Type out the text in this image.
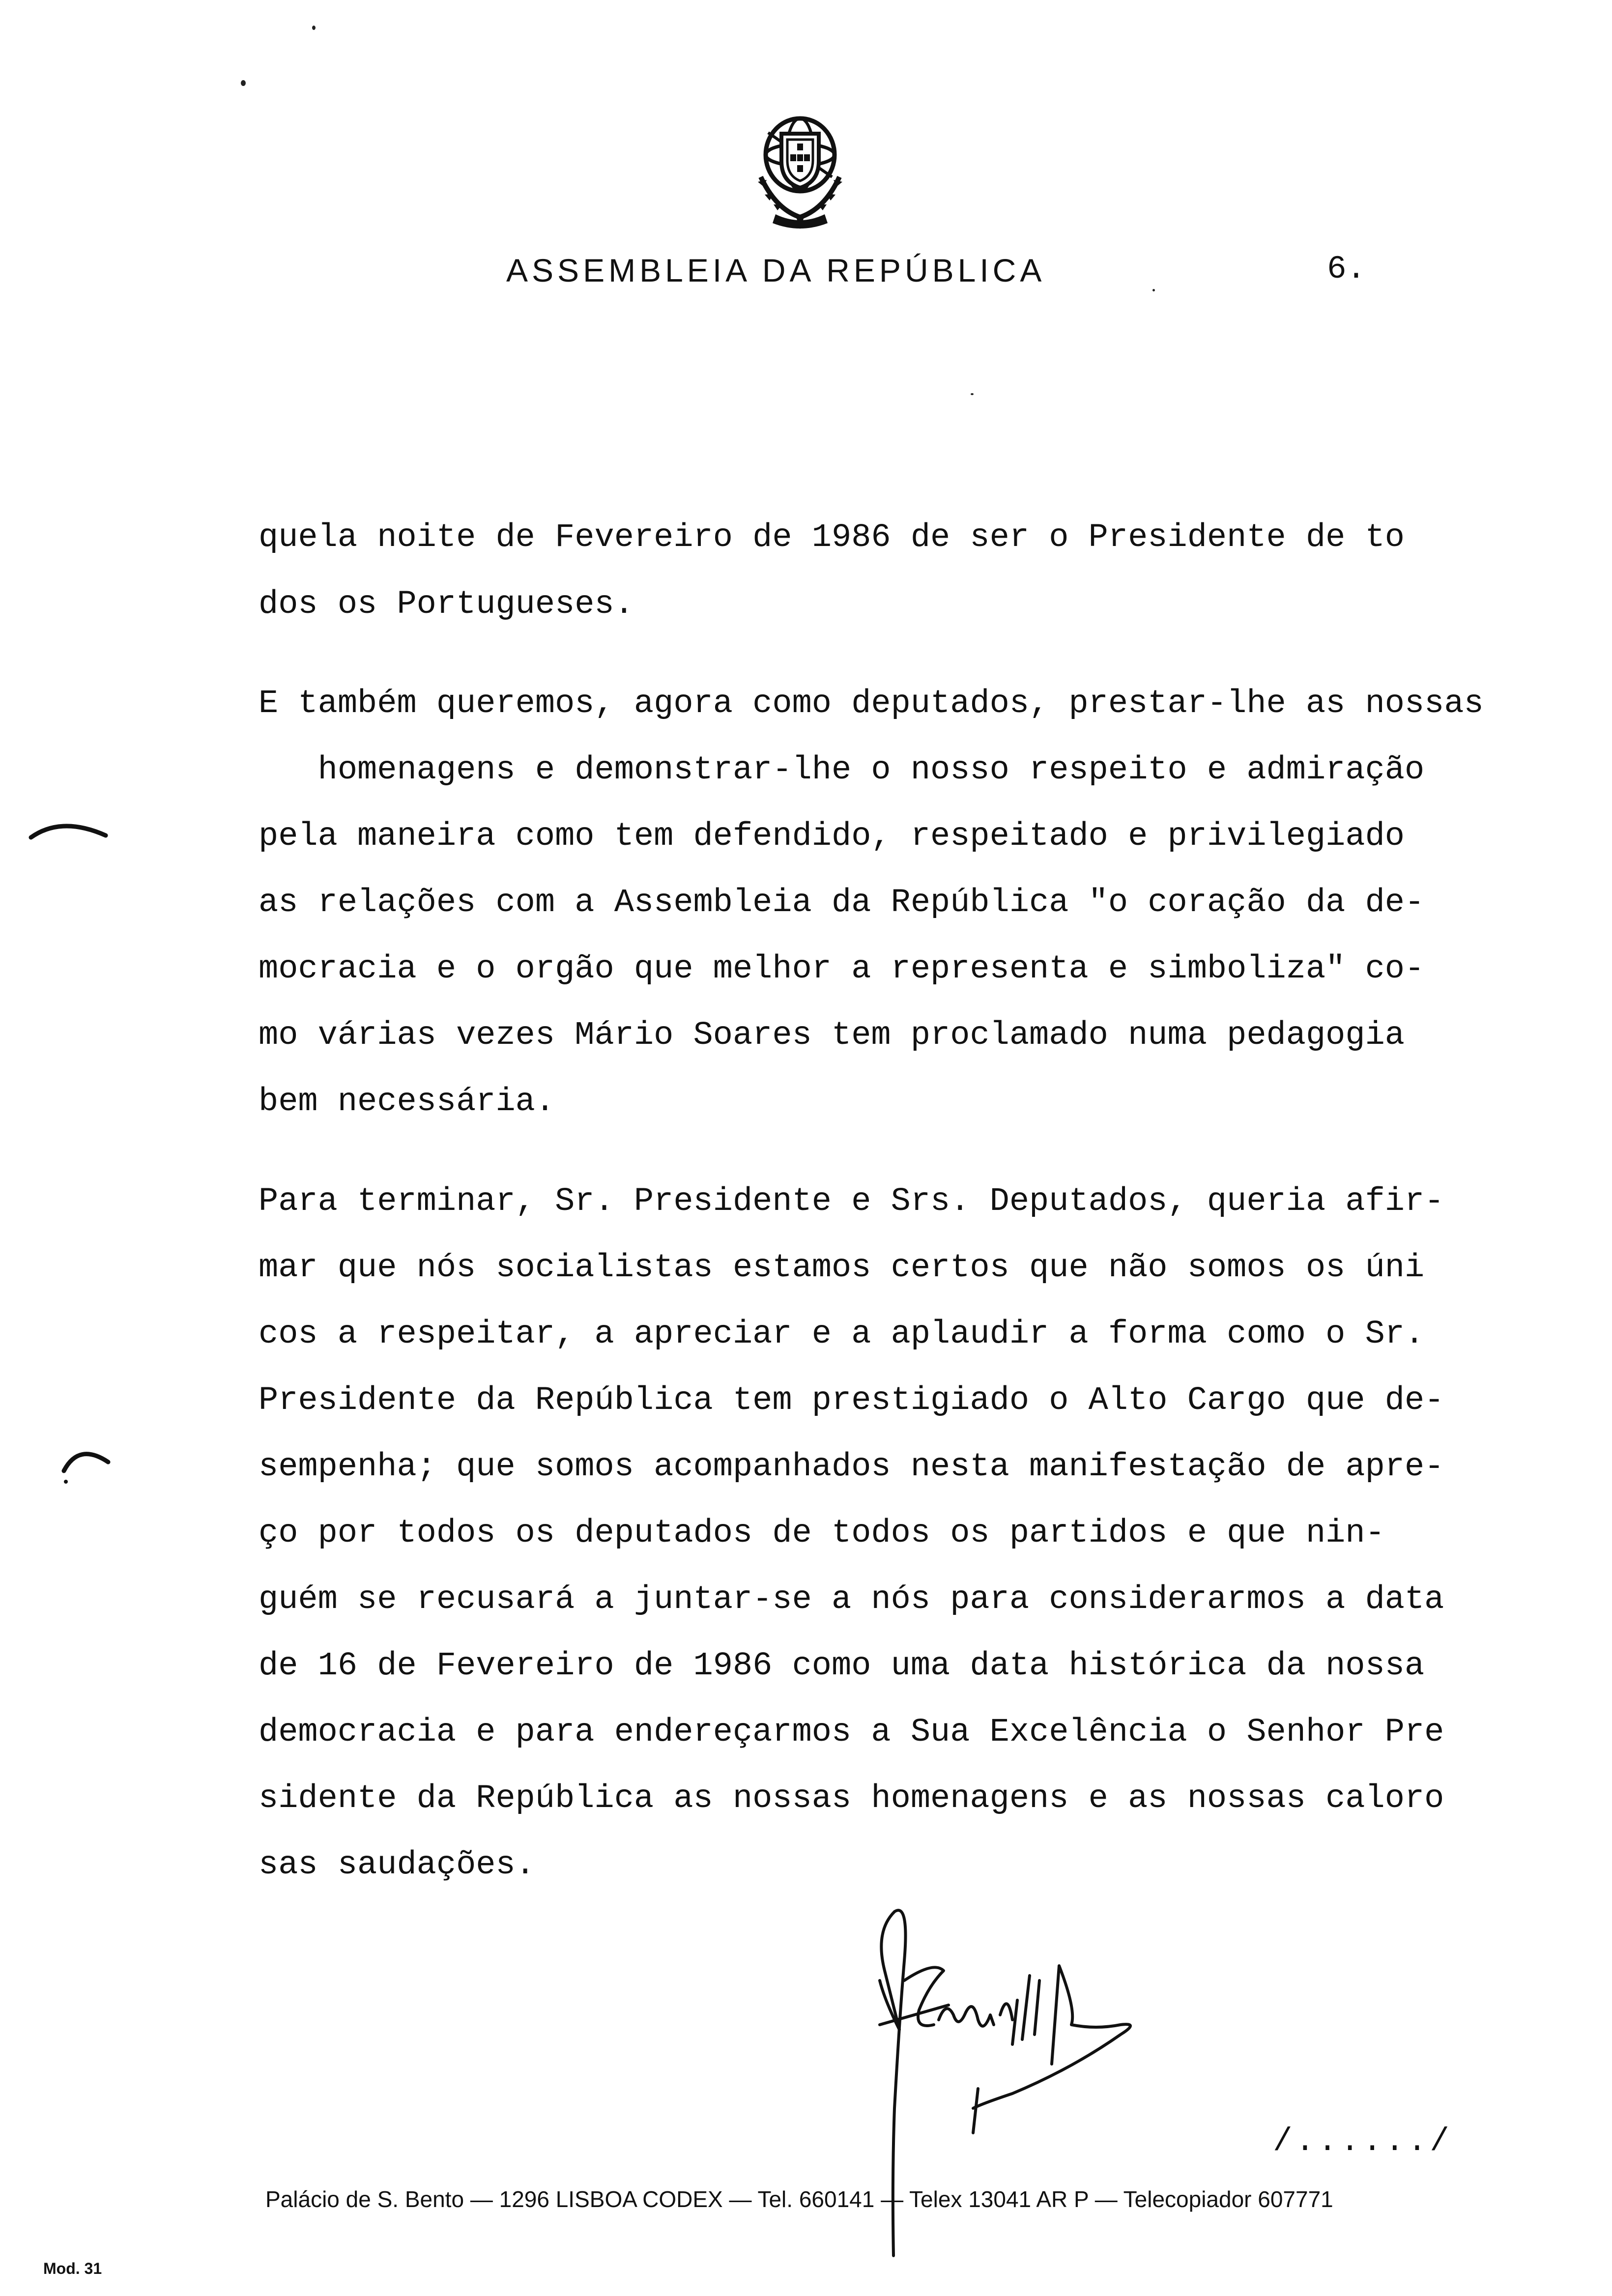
ASSEMBLEIA DA REPÚBLICA	6.
quela noite de Fevereiro de 1986 de ser o Presidente de to
dos os Portugueses.
E também queremos, agora como deputados, prestar-lhe as nossas
homenagens e demonstrar-lhe o nosso respeito e admiração
pela maneira como tem defendido, respeitado e privilegiado
as relações com a Assembleia da República "o coração da de-
mocracia e o orgão que melhor a representa e simboliza" co-
mo várias vezes Mário Soares tem proclamado numa pedagogia
bem necessária.
Para terminar, Sr. Presidente e Srs. Deputados, queria afir-
mar que nós socialistas estamos certos que não somos os úni
cos a respeitar, a apreciar e a aplaudir a forma como o Sr.
Presidente da República tem prestigiado o Alto Cargo que de-
sempenha; que somos acompanhados nesta manifestação de apre-
ço por todos os deputados de todos os partidos e que nin-
guém se recusará a juntar-se a nós para considerarmos a data
de 16 de Fevereiro de 1986 como uma data histórica da nossa
democracia e para endereçarmos a Sua Excelência o Senhor Pre
sidente da República as nossas homenagens e as nossas caloro
sas saudações.
/....../
Palácio de S. Bento — 1296 LISBOA CODEX — Tel. 660141 — Telex 13041 AR P — Telecopiador 607771
Mod. 31
